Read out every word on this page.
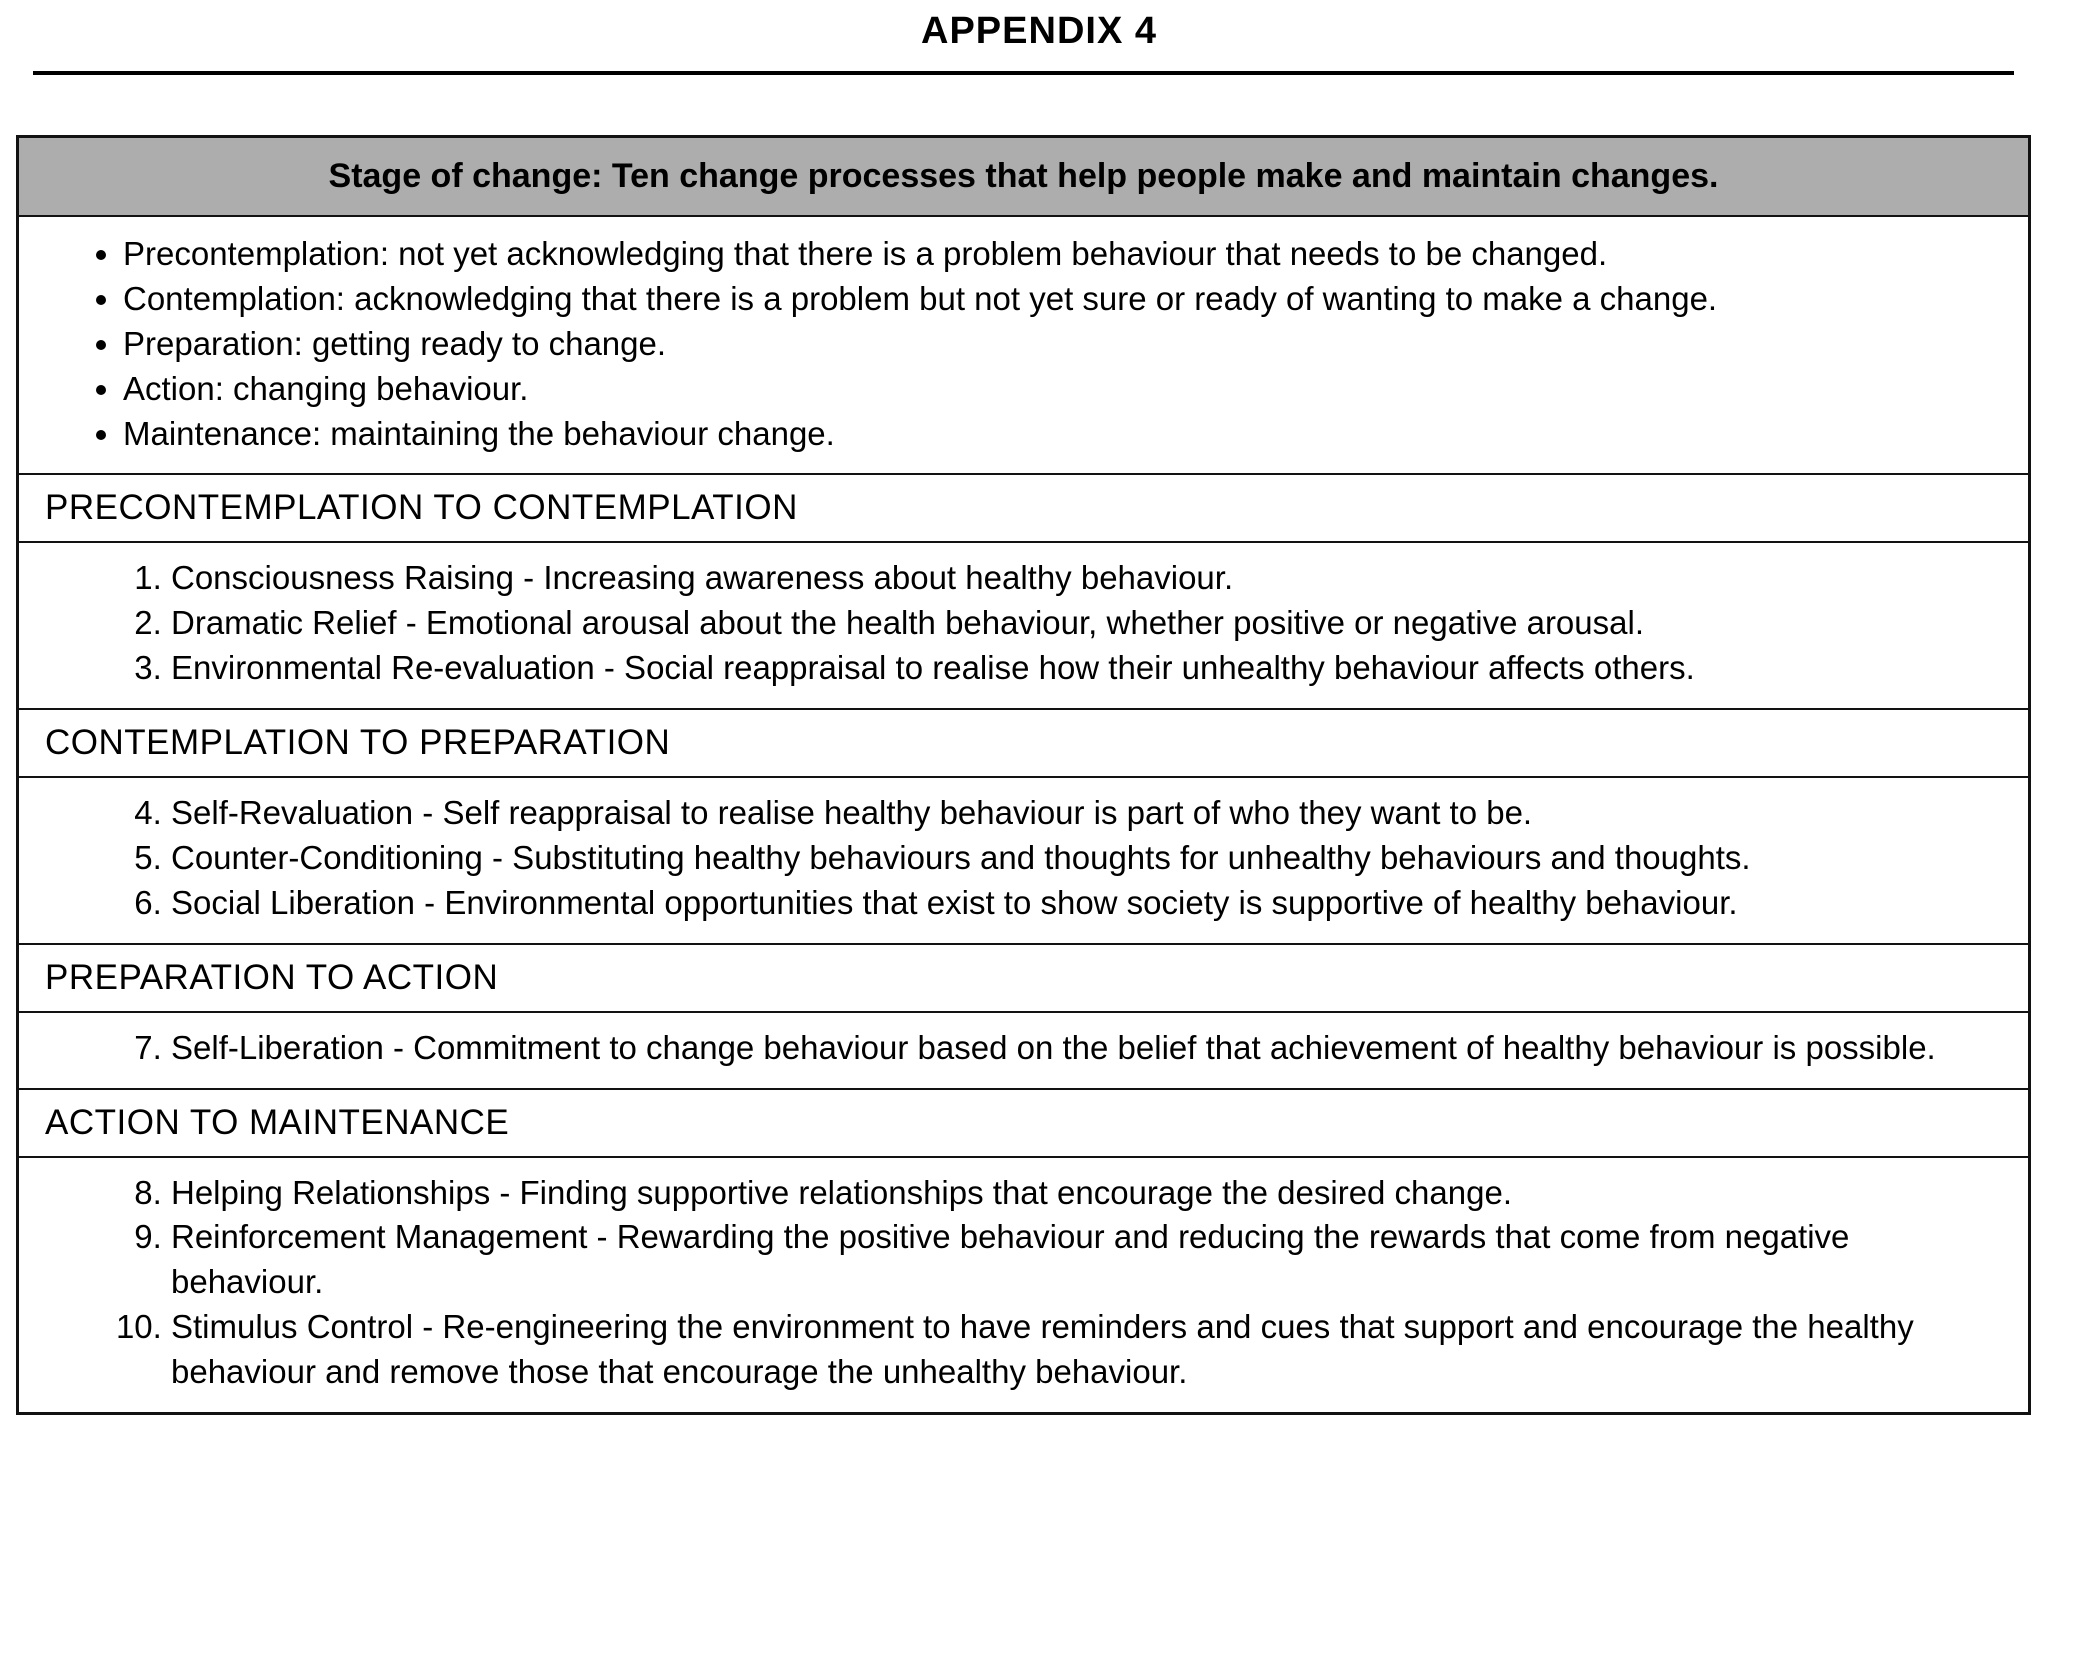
APPENDIX 4
Stage of change: Ten change processes that help people make and maintain changes.
• Precontemplation: not yet acknowledging that there is a problem behaviour that needs to be changed.
• Contemplation: acknowledging that there is a problem but not yet sure or ready of wanting to make a change.
• Preparation: getting ready to change.
• Action: changing behaviour.
• Maintenance: maintaining the behaviour change.
PRECONTEMPLATION TO CONTEMPLATION
1. Consciousness Raising - Increasing awareness about healthy behaviour.
2. Dramatic Relief - Emotional arousal about the health behaviour, whether positive or negative arousal.
3. Environmental Re-evaluation - Social reappraisal to realise how their unhealthy behaviour affects others.
CONTEMPLATION TO PREPARATION
4. Self-Revaluation - Self reappraisal to realise healthy behaviour is part of who they want to be.
5. Counter-Conditioning - Substituting healthy behaviours and thoughts for unhealthy behaviours and thoughts.
6. Social Liberation - Environmental opportunities that exist to show society is supportive of healthy behaviour.
PREPARATION TO ACTION
7. Self-Liberation - Commitment to change behaviour based on the belief that achievement of healthy behaviour is possible.
ACTION TO MAINTENANCE
8. Helping Relationships - Finding supportive relationships that encourage the desired change.
9. Reinforcement Management - Rewarding the positive behaviour and reducing the rewards that come from negative behaviour.
10. Stimulus Control - Re-engineering the environment to have reminders and cues that support and encourage the healthy behaviour and remove those that encourage the unhealthy behaviour.
